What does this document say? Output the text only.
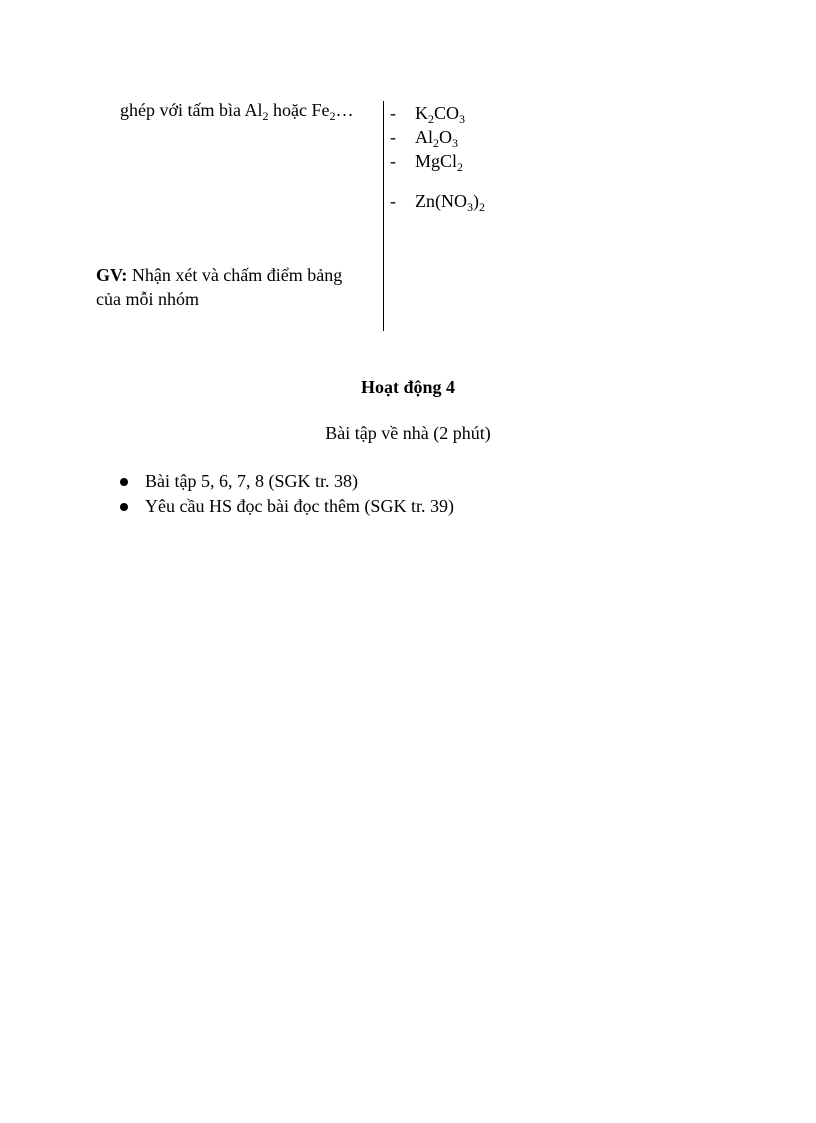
ghép với tấm bìa $Al_2$ hoặc $Fe_2\dots$
GV: Nhận xét và chấm điểm bảng của mỗi nhóm
- $K_2CO_3$
- $Al_2O_3$
- MgCl$_2$
- $Zn(NO_3)_2$
Hoạt động 4
Bài tập về nhà (2 phút)
Bài tập 5, 6, 7, 8 (SGK tr. 38)
Yêu cầu HS đọc bài đọc thêm (SGK tr. 39)
